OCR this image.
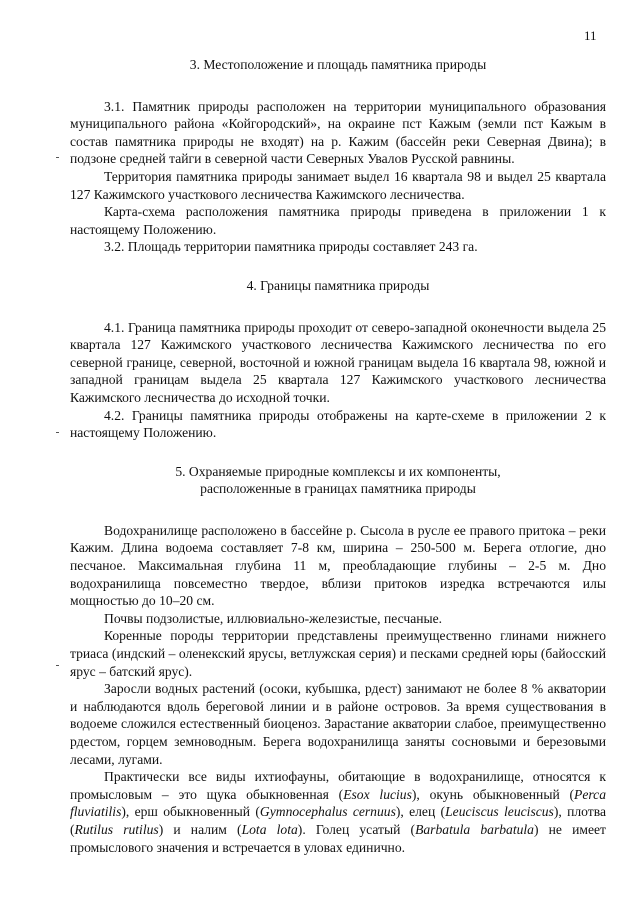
11
3. Местоположение и площадь памятника природы

3.1. Памятник природы расположен на территории муниципального образования муниципального района «Койгородский», на окраине пст Кажым (земли пст Кажым в состав памятника природы не входят) на р. Кажим (бассейн реки Северная Двина); в подзоне средней тайги в северной части Северных Увалов Русской равнины.

Территория памятника природы занимает выдел 16 квартала 98 и выдел 25 квартала 127 Кажимского участкового лесничества Кажимского лесничества.

Карта-схема расположения памятника природы приведена в приложении 1 к настоящему Положению.

3.2. Площадь территории памятника природы составляет 243 га.

4. Границы памятника природы

4.1. Граница памятника природы проходит от северо-западной оконечности выдела 25 квартала 127 Кажимского участкового лесничества Кажимского лесничества по его северной границе, северной, восточной и южной границам выдела 16 квартала 98, южной и западной границам выдела 25 квартала 127 Кажимского участкового лесничества Кажимского лесничества до исходной точки.

4.2. Границы памятника природы отображены на карте-схеме в приложении 2 к настоящему Положению.

5. Охраняемые природные комплексы и их компоненты,
расположенные в границах памятника природы

Водохранилище расположено в бассейне р. Сысола в русле ее правого притока – реки Кажим. Длина водоема составляет 7-8 км, ширина – 250-500 м. Берега отлогие, дно песчаное. Максимальная глубина 11 м, преобладающие глубины – 2-5 м. Дно водохранилища повсеместно твердое, вблизи притоков изредка встречаются илы мощностью до 10–20 см.

Почвы подзолистые, иллювиально-железистые, песчаные.

Коренные породы территории представлены преимущественно глинами нижнего триаса (индский – оленекский ярусы, ветлужская серия) и песками средней юры (байосский ярус – батский ярус).

Заросли водных растений (осоки, кубышка, рдест) занимают не более 8 % акватории и наблюдаются вдоль береговой линии и в районе островов. За время существования в водоеме сложился естественный биоценоз. Зарастание акватории слабое, преимущественно рдестом, горцем земноводным. Берега водохранилища заняты сосновыми и березовыми лесами, лугами.

Практически все виды ихтиофауны, обитающие в водохранилище, относятся к промысловым – это щука обыкновенная (Esox lucius), окунь обыкновенный (Perca fluviatilis), ерш обыкновенный (Gymnocephalus cernuus), елец (Leuciscus leuciscus), плотва (Rutilus rutilus) и налим (Lota lota). Голец усатый (Barbatula barbatula) не имеет промыслового значения и встречается в уловах единично.
